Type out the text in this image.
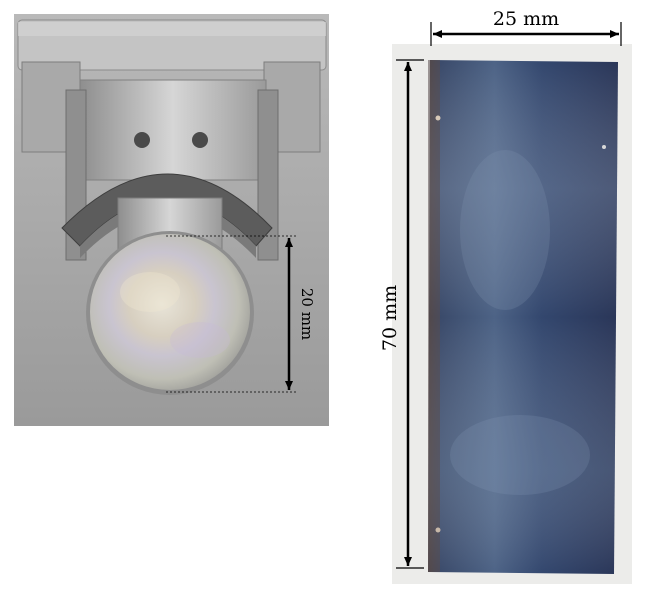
20 mm
25 mm
70 mm
